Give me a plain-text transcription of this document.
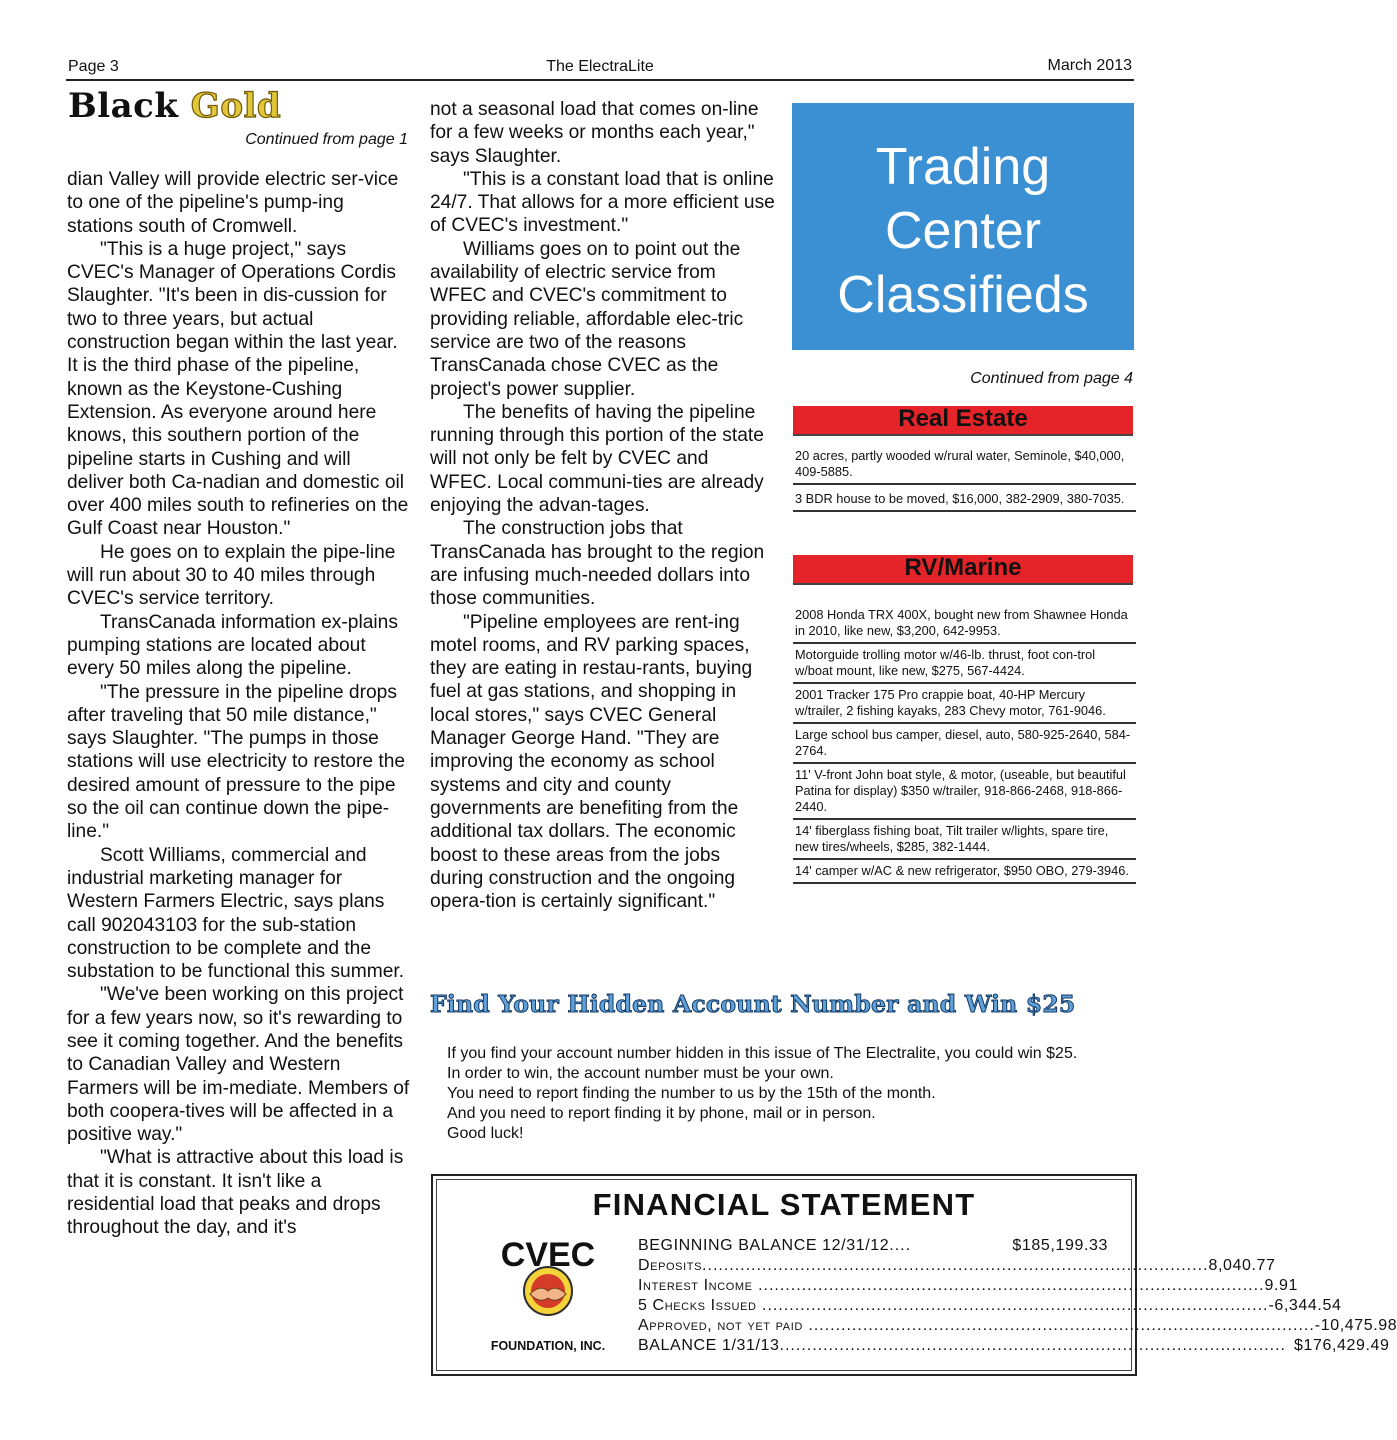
Page 3	The ElectraLite	March 2013
Black Gold
Continued from page 1

dian Valley will provide electric ser-vice to one of the pipeline's pump-ing stations south of Cromwell.

"This is a huge project," says CVEC's Manager of Operations Cordis Slaughter. "It's been in dis-cussion for two to three years, but actual construction began within the last year. It is the third phase of the pipeline, known as the Keystone-Cushing Extension. As everyone around here knows, this southern portion of the pipeline starts in Cushing and will deliver both Ca-nadian and domestic oil over 400 miles south to refineries on the Gulf Coast near Houston."

He goes on to explain the pipe-line will run about 30 to 40 miles through CVEC's service territory.

TransCanada information ex-plains pumping stations are located about every 50 miles along the pipeline.

"The pressure in the pipeline drops after traveling that 50 mile distance," says Slaughter. "The pumps in those stations will use electricity to restore the desired amount of pressure to the pipe so the oil can continue down the pipe-line."

Scott Williams, commercial and industrial marketing manager for Western Farmers Electric, says plans call 902043103 for the sub-station construction to be complete and the substation to be functional this summer.

"We've been working on this project for a few years now, so it's rewarding to see it coming together. And the benefits to Canadian Valley and Western Farmers will be im-mediate. Members of both coopera-tives will be affected in a positive way."

"What is attractive about this load is that it is constant. It isn't like a residential load that peaks and drops throughout the day, and it's

not a seasonal load that comes on-line for a few weeks or months each year," says Slaughter.

"This is a constant load that is online 24/7. That allows for a more efficient use of CVEC's investment."

Williams goes on to point out the availability of electric service from WFEC and CVEC's commitment to providing reliable, affordable elec-tric service are two of the reasons TransCanada chose CVEC as the project's power supplier.

The benefits of having the pipeline running through this portion of the state will not only be felt by CVEC and WFEC. Local communi-ties are already enjoying the advan-tages.

The construction jobs that TransCanada has brought to the region are infusing much-needed dollars into those communities.

"Pipeline employees are rent-ing motel rooms, and RV parking spaces, they are eating in restau-rants, buying fuel at gas stations, and shopping in local stores," says CVEC General Manager George Hand. "They are improving the economy as school systems and city and county governments are benefiting from the additional tax dollars. The economic boost to these areas from the jobs during construction and the ongoing opera-tion is certainly significant."

Trading
Center
Classifieds
Continued from page 4
Real Estate
20 acres, partly wooded w/rural water, Seminole, $40,000, 409-5885.
3 BDR house to be moved, $16,000, 382-2909, 380-7035.
RV/Marine
2008 Honda TRX 400X, bought new from Shawnee Honda in 2010, like new, $3,200, 642-9953.
Motorguide trolling motor w/46-lb. thrust, foot con-trol w/boat mount, like new, $275, 567-4424.
2001 Tracker 175 Pro crappie boat, 40-HP Mercury w/trailer, 2 fishing kayaks, 283 Chevy motor, 761-9046.
Large school bus camper, diesel, auto, 580-925-2640, 584-2764.
11' V-front John boat style, & motor, (useable, but beautiful Patina for display) $350 w/trailer, 918-866-2468, 918-866-2440.
14' fiberglass fishing boat, Tilt trailer w/lights, spare tire, new tires/wheels, $285, 382-1444.
14' camper w/AC & new refrigerator, $950 OBO, 279-3946.
Find Your Hidden Account Number and Win $25

If you find your account number hidden in this issue of The Electralite, you could win $25.

In order to win, the account number must be your own.

You need to report finding the number to us by the 15th of the month.

And you need to report finding it by phone, mail or in person.

Good luck!

FINANCIAL STATEMENT
CVEC
FOUNDATION, INC.
BEGINNING BALANCE 12/31/12 ....	$185,199.33
Deposits ............................................................................................. 8,040.77
Interest Income ............................................................................................. 9.91
5 Checks Issued ............................................................................................. -6,344.54
Approved, not yet paid ............................................................................................. -10,475.98
BALANCE 1/31/13 ............................................................................................. $176,429.49
